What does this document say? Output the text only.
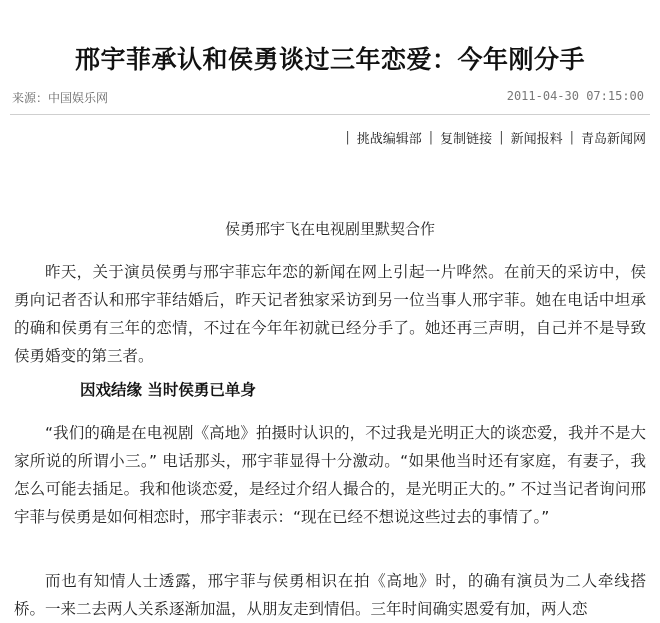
邢宇菲承认和侯勇谈过三年恋爱：今年刚分手
来源：中国娱乐网	2011-04-30 07:15:00
| 挑战编辑部 | 复制链接 | 新闻报料 | 青岛新闻网
侯勇邢宇飞在电视剧里默契合作

昨天，关于演员侯勇与邢宇菲忘年恋的新闻在网上引起一片哗然。在前天的采访中，侯勇向记者否认和邢宇菲结婚后，昨天记者独家采访到另一位当事人邢宇菲。她在电话中坦承的确和侯勇有三年的恋情，不过在今年年初就已经分手了。她还再三声明，自己并不是导致侯勇婚变的第三者。

因戏结缘 当时侯勇已单身

“我们的确是在电视剧《高地》拍摄时认识的，不过我是光明正大的谈恋爱，我并不是大家所说的所谓小三。” 电话那头，邢宇菲显得十分激动。“如果他当时还有家庭，有妻子，我怎么可能去插足。我和他谈恋爱，是经过介绍人撮合的，是光明正大的。” 不过当记者询问邢宇菲与侯勇是如何相恋时，邢宇菲表示：“现在已经不想说这些过去的事情了。”

而也有知情人士透露，邢宇菲与侯勇相识在拍《高地》时，的确有演员为二人牵线搭桥。一来二去两人关系逐渐加温，从朋友走到情侣。三年时间确实恩爱有加，两人恋
